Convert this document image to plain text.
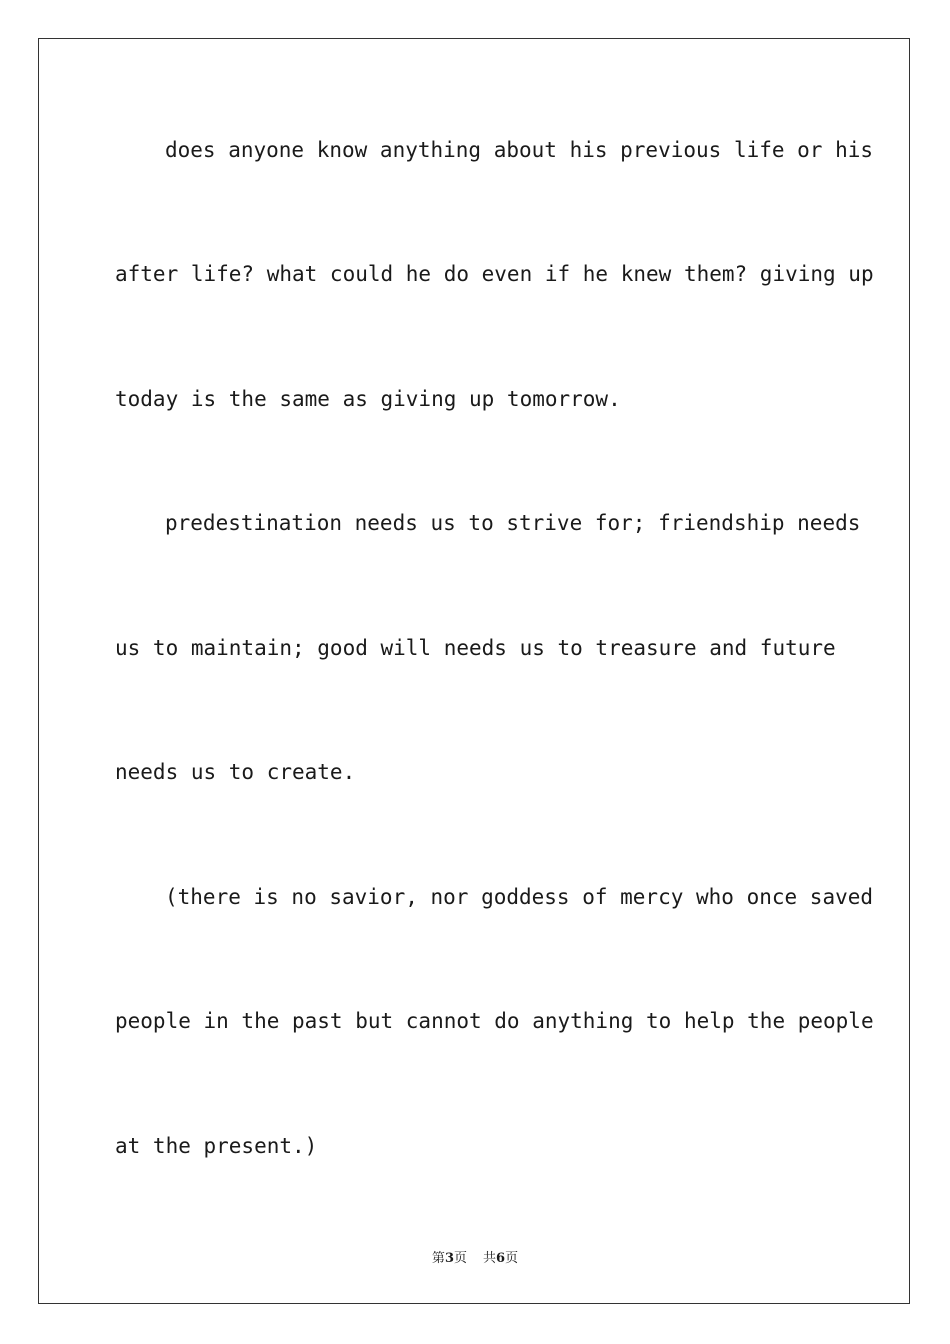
does anyone know anything about his previous life or his
after life? what could he do even if he knew them? giving up
today is the same as giving up tomorrow.
predestination needs us to strive for; friendship needs
us to maintain; good will needs us to treasure and future
needs us to create.
(there is no savior, nor goddess of mercy who once saved
people in the past but cannot do anything to help the people
at the present.)
第3页 共6页
